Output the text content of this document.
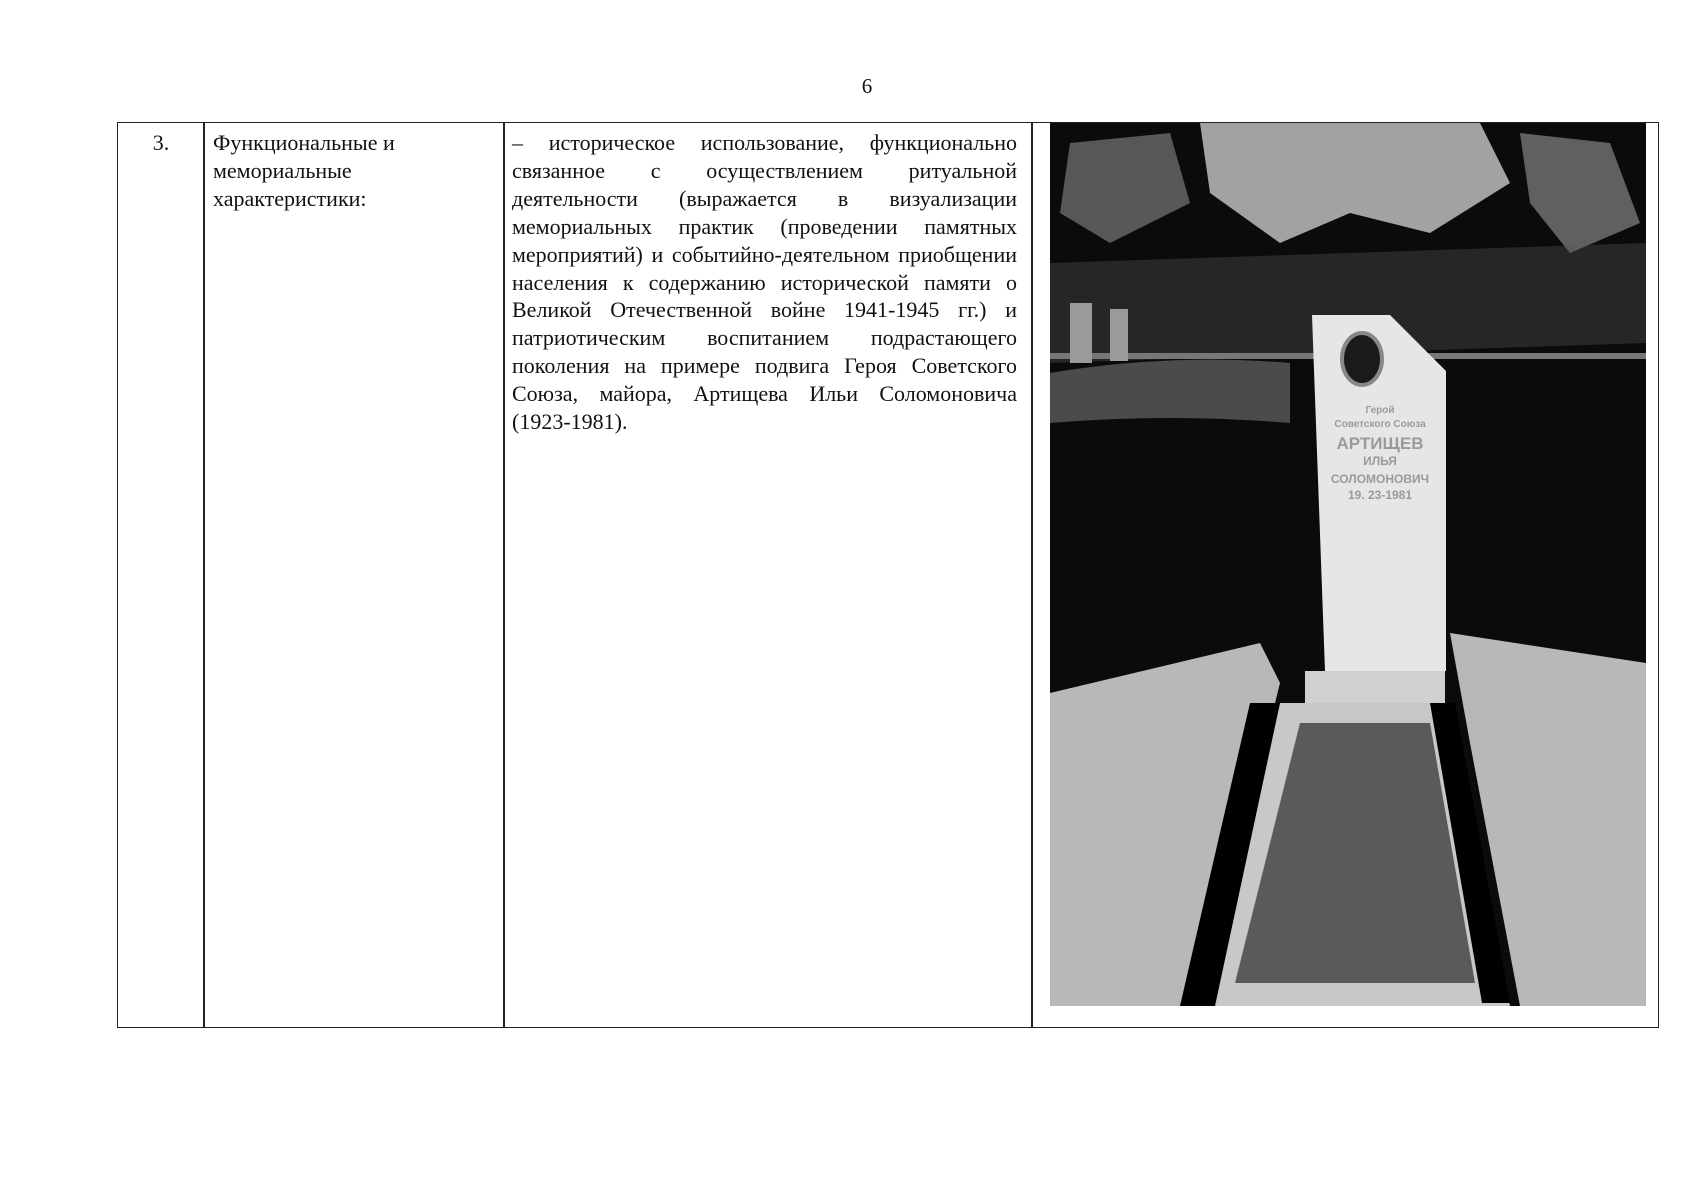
6
3.	Функциональные и мемориальные характеристики:
– историческое использование, функционально связанное с осуществлением ритуальной деятельности (выражается в визуализации мемориальных практик (проведении памятных мероприятий) и событийно-деятельном приобщении населения к содержанию исторической памяти о Великой Отечественной войне 1941-1945 гг.) и патриотическим воспитанием подрастающего поколения на примере подвига Героя Советского Союза, майора, Артищева Ильи Соломоновича (1923-1981).	Герой
Советского Союза
АРТИЩЕВ
ИЛЬЯ
СОЛОМОНОВИЧ
19. 23-1981
